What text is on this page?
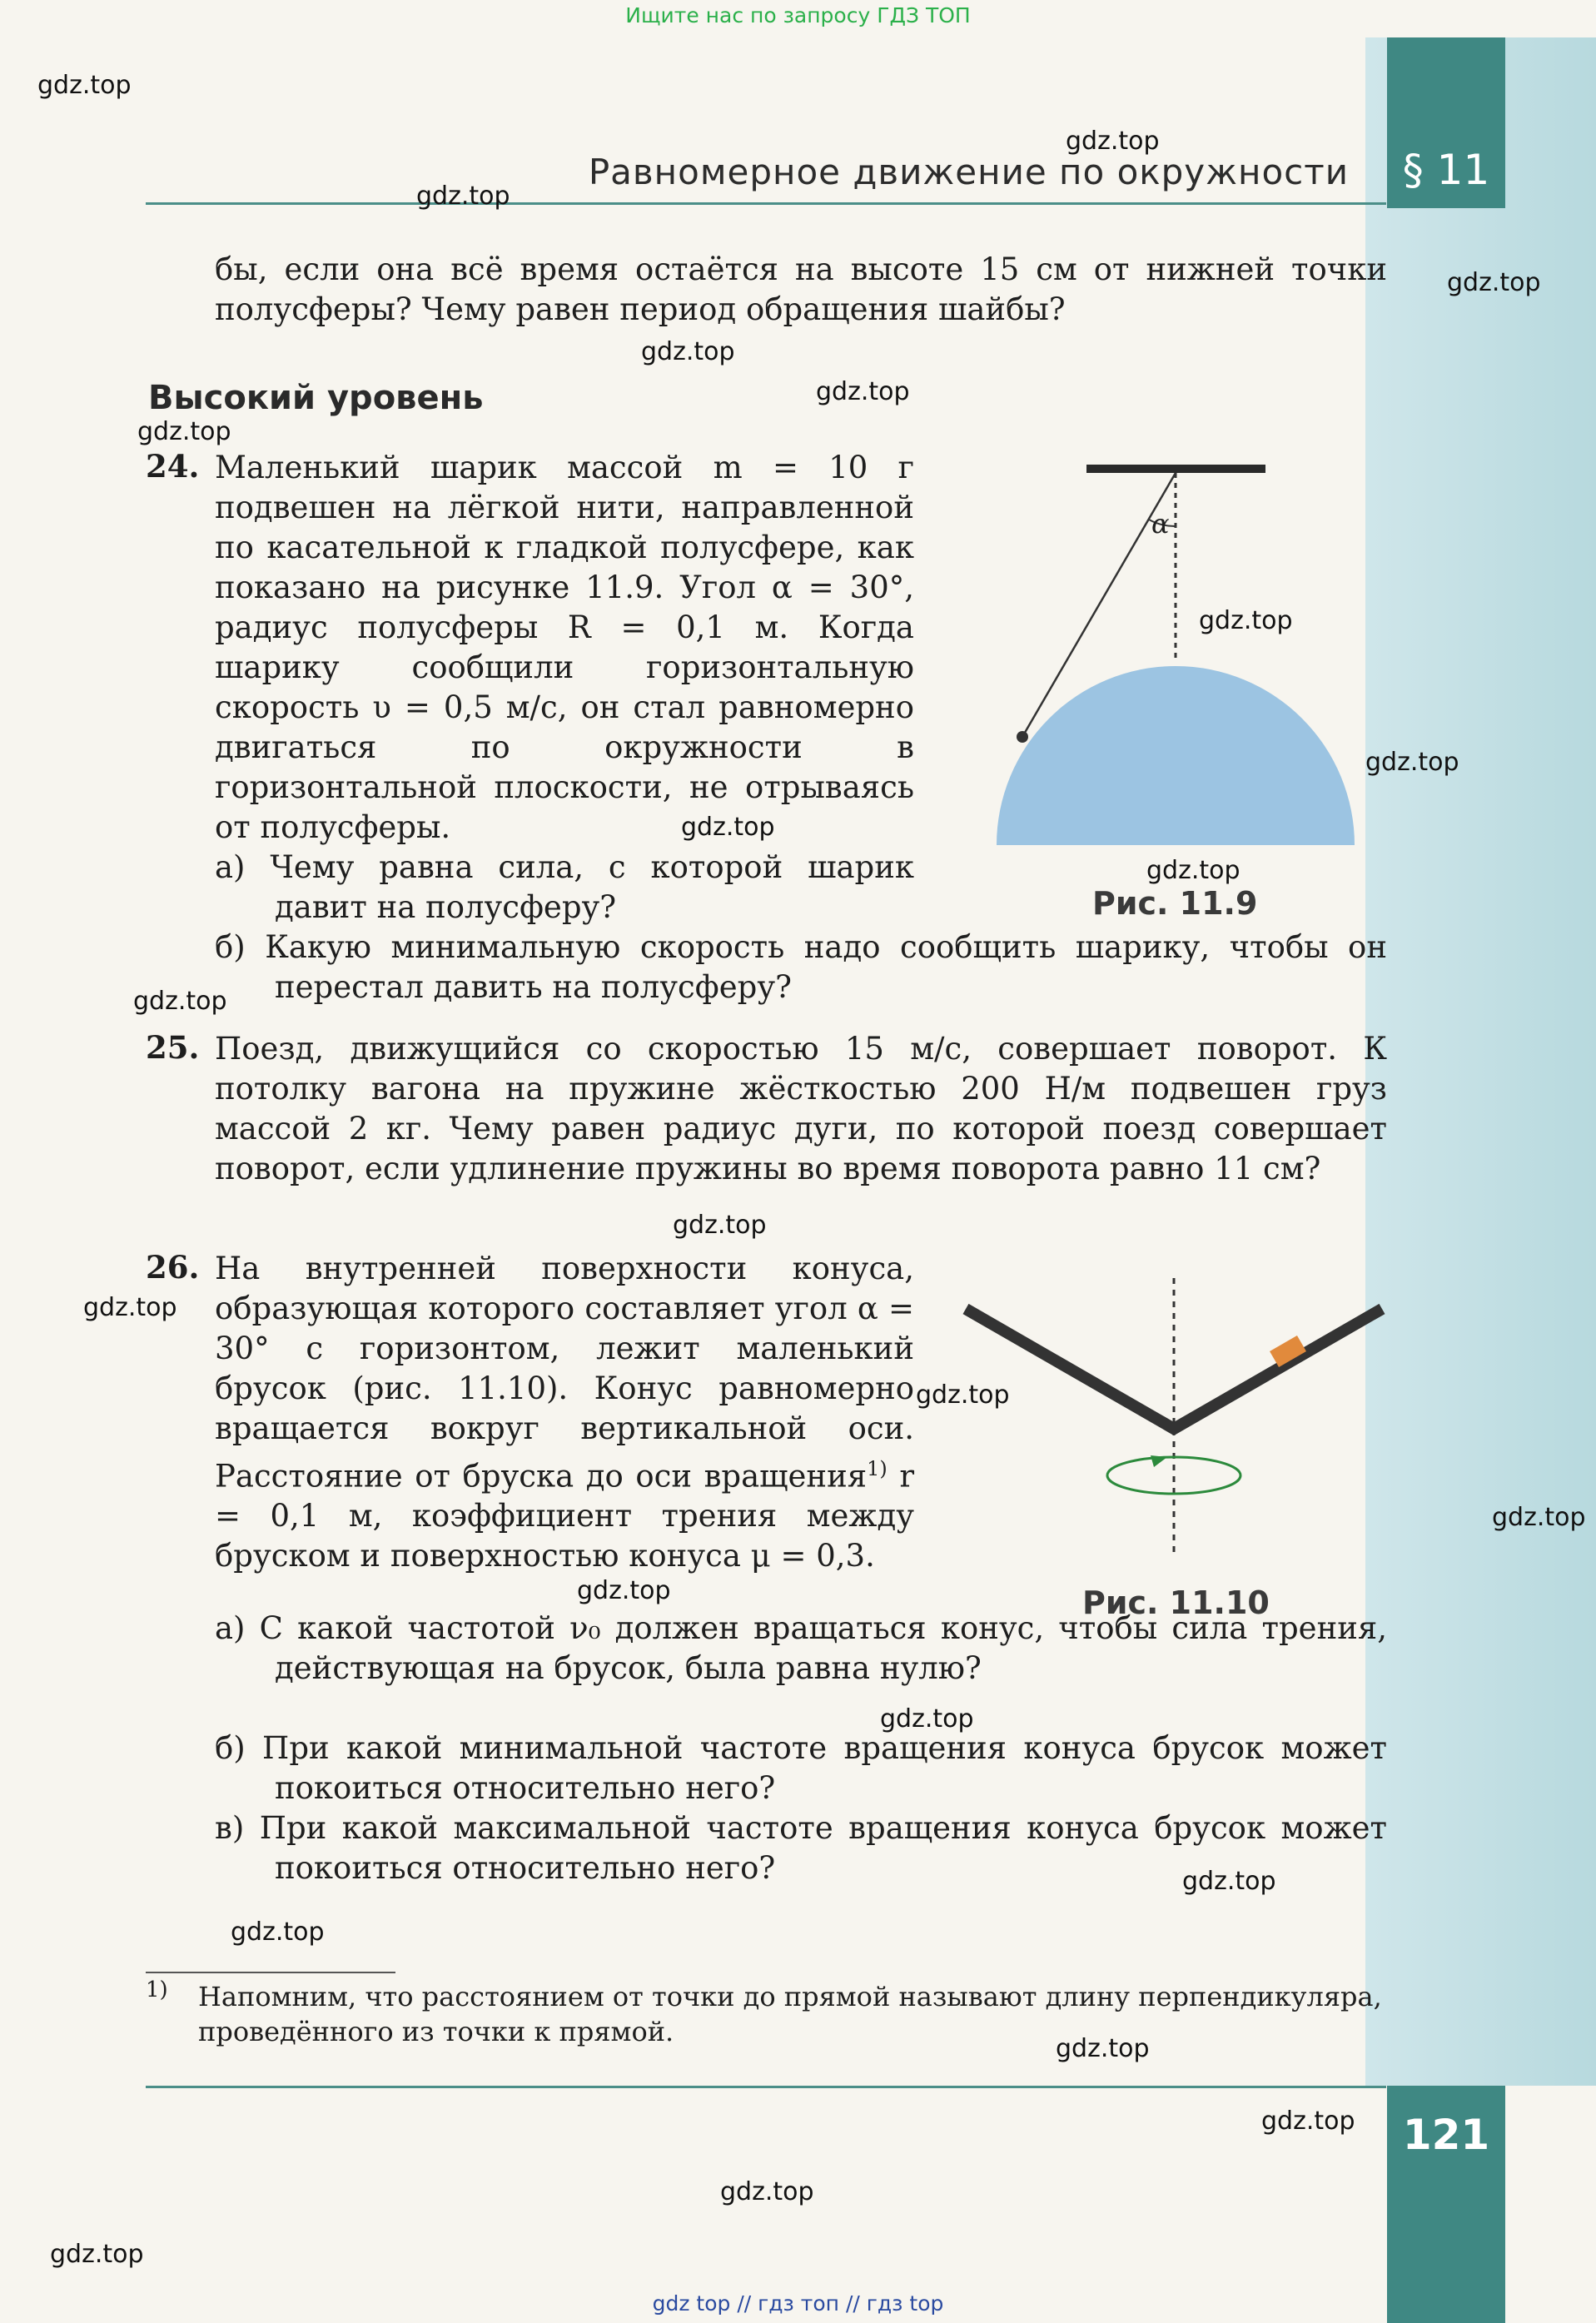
§ 11
121
Ищите нас по запросу ГДЗ ТОП
gdz top // гдз топ // гдз top
Равномерное движение по окружности
бы, если она всё время остаётся на высоте 15 см от нижней точки полусферы? Чему равен период обращения шайбы?
Высокий уровень
24. Маленький шарик массой m = 10 г подвешен на лёгкой нити, направленной по касательной к гладкой полусфере, как показано на рисунке 11.9. Угол α = 30°, радиус полусферы R = 0,1 м. Когда шарику сообщили горизонтальную скорость υ = 0,5 м/с, он стал равномерно двигаться по окружности в горизонтальной плоскости, не отрываясь от полусферы.
а) Чему равна сила, с которой шарик давит на полусферу?
б) Какую минимальную скорость надо сообщить шарику, чтобы он перестал давить на полусферу?
α
Рис. 11.9
25. Поезд, движущийся со скоростью 15 м/с, совершает поворот. К потолку вагона на пружине жёсткостью 200 Н/м подвешен груз массой 2 кг. Чему равен радиус дуги, по которой поезд совершает поворот, если удлинение пружины во время поворота равно 11 см?
26. На внутренней поверхности конуса, образующая которого составляет угол α = 30° с горизонтом, лежит маленький брусок (рис. 11.10). Конус равномерно вращается вокруг вертикальной оси. Расстояние от бруска до оси вращения$^{1)}$ r = 0,1 м, коэффициент трения между бруском и поверхностью конуса μ = 0,3.
а) С какой частотой ν₀ должен вращаться конус, чтобы сила трения, действующая на брусок, была равна нулю?
б) При какой минимальной частоте вращения конуса брусок может покоиться относительно него?
в) При какой максимальной частоте вращения конуса брусок может покоиться относительно него?
Рис. 11.10
1) Напомним, что расстоянием от точки до прямой называют длину перпендикуляра, проведённого из точки к прямой.
gdz.top
gdz.top
gdz.top
gdz.top
gdz.top
gdz.top
gdz.top
gdz.top
gdz.top
gdz.top
gdz.top
gdz.top
gdz.top
gdz.top
gdz.top
gdz.top
gdz.top
gdz.top
gdz.top
gdz.top
gdz.top
gdz.top
gdz.top
gdz.top
